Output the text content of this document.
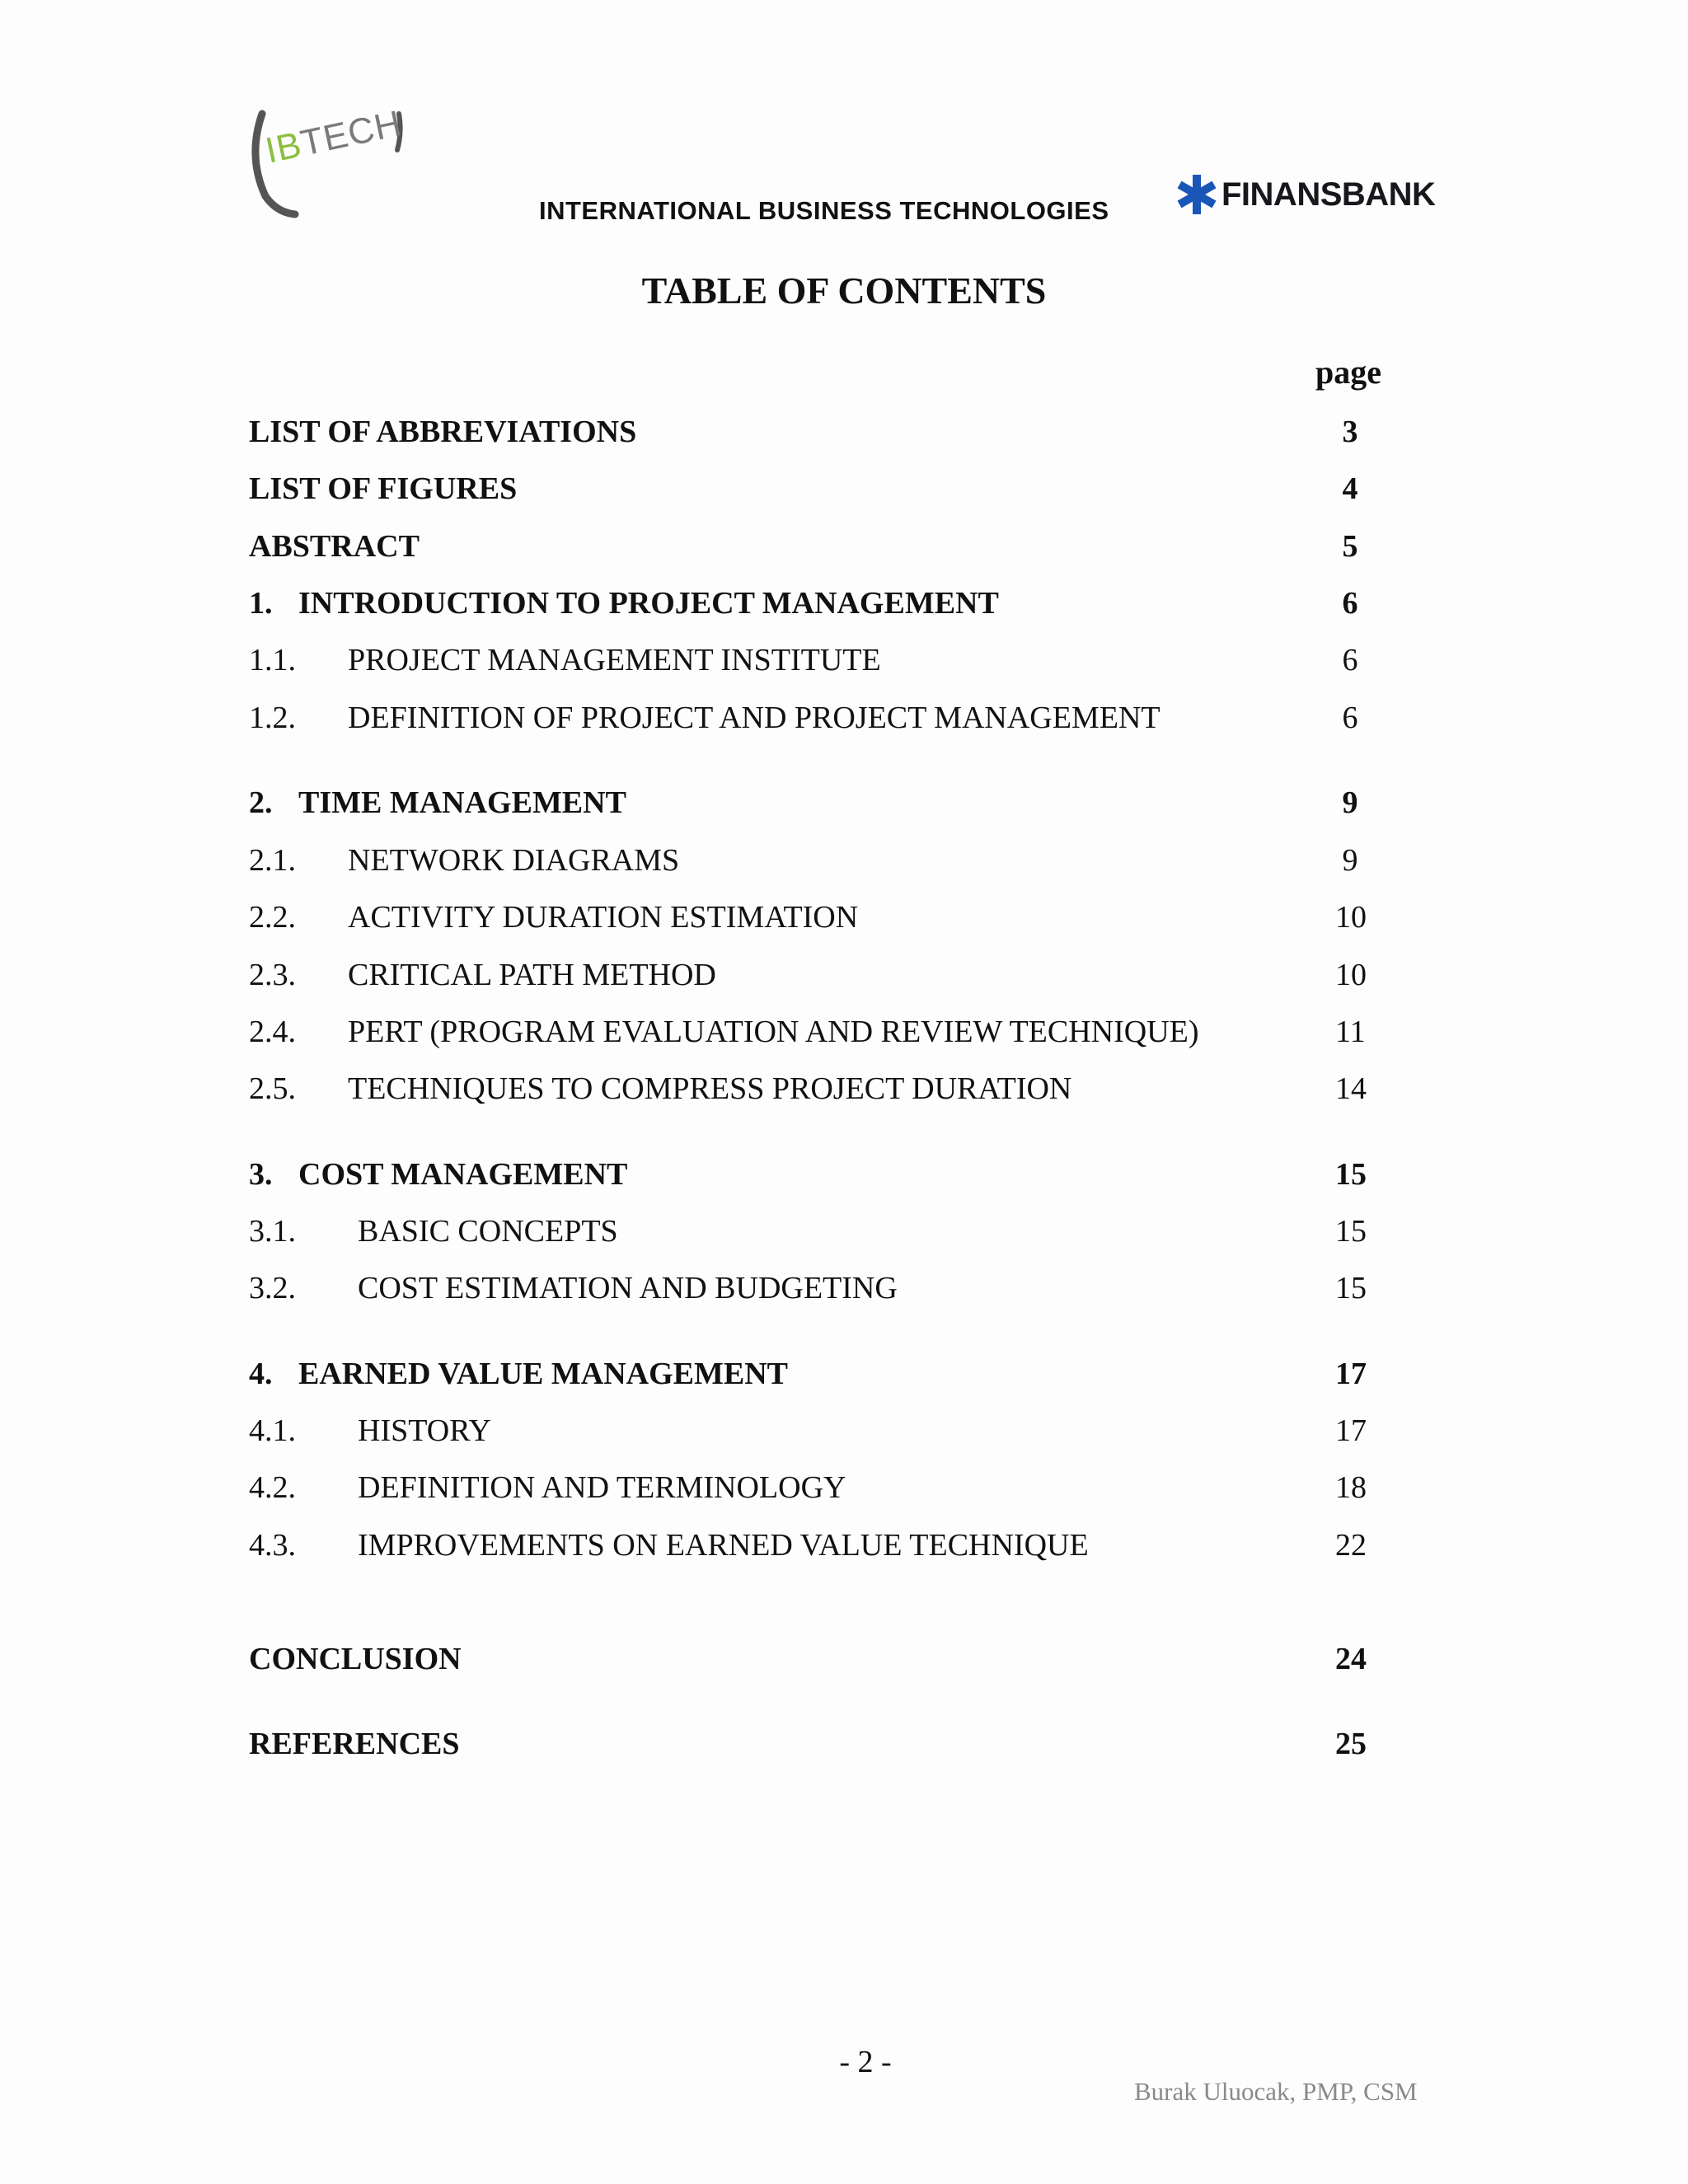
IBTECH
INTERNATIONAL BUSINESS TECHNOLOGIES	FINANSBANK
TABLE OF CONTENTS
page
LIST OF ABBREVIATIONS	3
LIST OF FIGURES	4
ABSTRACT	5
1. INTRODUCTION TO PROJECT MANAGEMENT	6
1.1. PROJECT MANAGEMENT INSTITUTE	6
1.2. DEFINITION OF PROJECT AND PROJECT MANAGEMENT	6
2. TIME MANAGEMENT	9
2.1. NETWORK DIAGRAMS	9
2.2. ACTIVITY DURATION ESTIMATION	10
2.3. CRITICAL PATH METHOD	10
2.4. PERT (PROGRAM EVALUATION AND REVIEW TECHNIQUE)	11
2.5. TECHNIQUES TO COMPRESS PROJECT DURATION	14
3. COST MANAGEMENT	15
3.1. BASIC CONCEPTS	15
3.2. COST ESTIMATION AND BUDGETING	15
4. EARNED VALUE MANAGEMENT	17
4.1. HISTORY	17
4.2. DEFINITION AND TERMINOLOGY	18
4.3. IMPROVEMENTS ON EARNED VALUE TECHNIQUE	22
CONCLUSION	24
REFERENCES	25
- 2 -
Burak Uluocak, PMP, CSM
